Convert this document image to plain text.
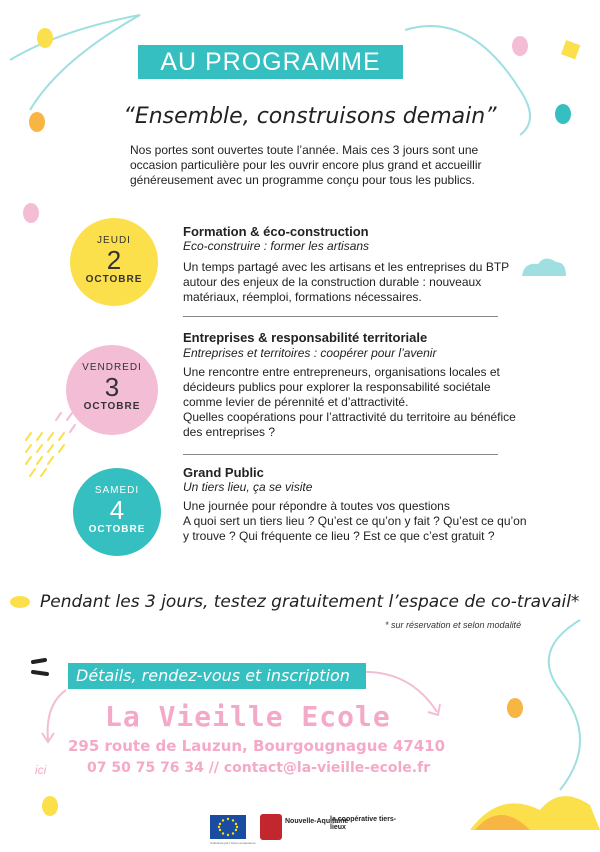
AU PROGRAMME
“Ensemble, construisons demain”
Nos portes sont ouvertes toute l’année. Mais ces 3 jours sont une occasion particulière pour les ouvrir encore plus grand et accueillir généreusement avec un programme conçu pour tous les publics.
JEUDI
2
OCTOBRE
Formation & éco-construction
Eco-construire : former les artisans
Un temps partagé avec les artisans et les entreprises du BTP autour des enjeux de la construction durable : nouveaux matériaux, réemploi, formations nécessaires.
VENDREDI
3
OCTOBRE
Entreprises & responsabilité territoriale
Entreprises et territoires : coopérer pour l’avenir
Une rencontre entre entrepreneurs, organisations locales et décideurs publics pour explorer la responsabilité sociétale comme levier de pérennité et d’attractivité.
Quelles coopérations pour l’attractivité du territoire au bénéfice des entreprises ?
SAMEDI
4
OCTOBRE
Grand Public
Un tiers lieu, ça se visite
Une journée pour répondre à toutes vos questions
A quoi sert un tiers lieu ? Qu’est ce qu’on y fait ? Qu’est ce qu’on y trouve ? Qui fréquente ce lieu ? Est ce que c’est gratuit ?
Pendant les 3 jours, testez gratuitement l’espace de co-travail*
* sur réservation et selon modalité
Détails, rendez-vous et inscription
La Vieille Ecole
295 route de Lauzun, Bourgougnague 47410
ici	07 50 75 76 34 // contact@la-vieille-ecole.fr
Cofinancé par l’Union européenne
Nouvelle-Aquitaine
la coopérative tiers-lieux
